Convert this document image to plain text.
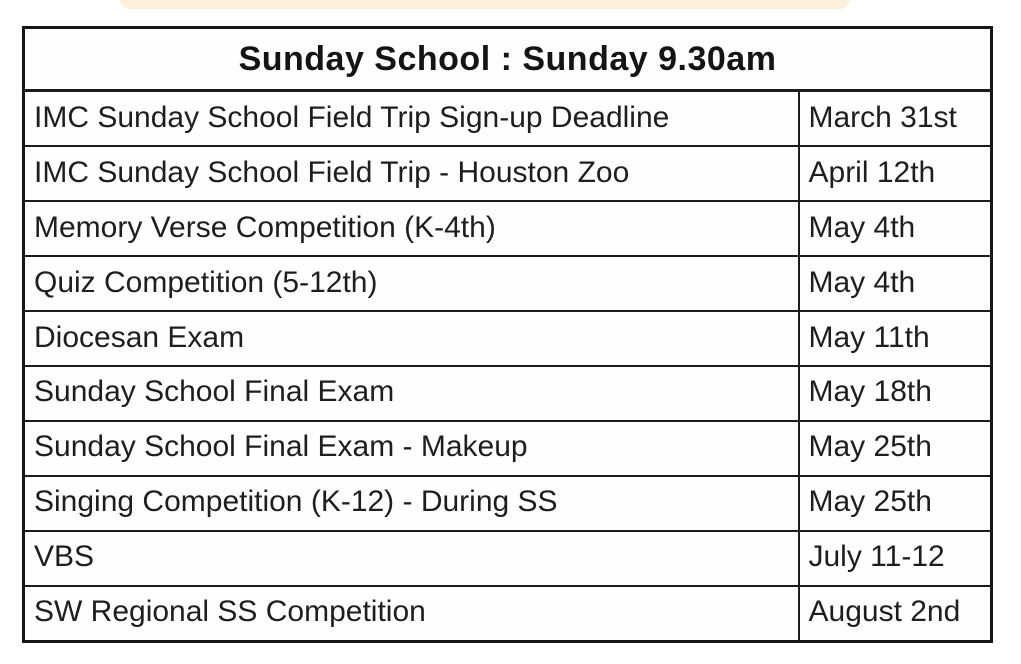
Sunday School : Sunday 9.30am	
IMC Sunday School Field Trip Sign-up Deadline	March 31st
IMC Sunday School Field Trip - Houston Zoo	April 12th
Memory Verse Competition (K-4th)	May 4th
Quiz Competition (5-12th)	May 4th
Diocesan Exam	May 11th
Sunday School Final Exam	May 18th
Sunday School Final Exam - Makeup	May 25th
Singing Competition (K-12) - During SS	May 25th
VBS	July 11-12
SW Regional SS Competition	August 2nd
